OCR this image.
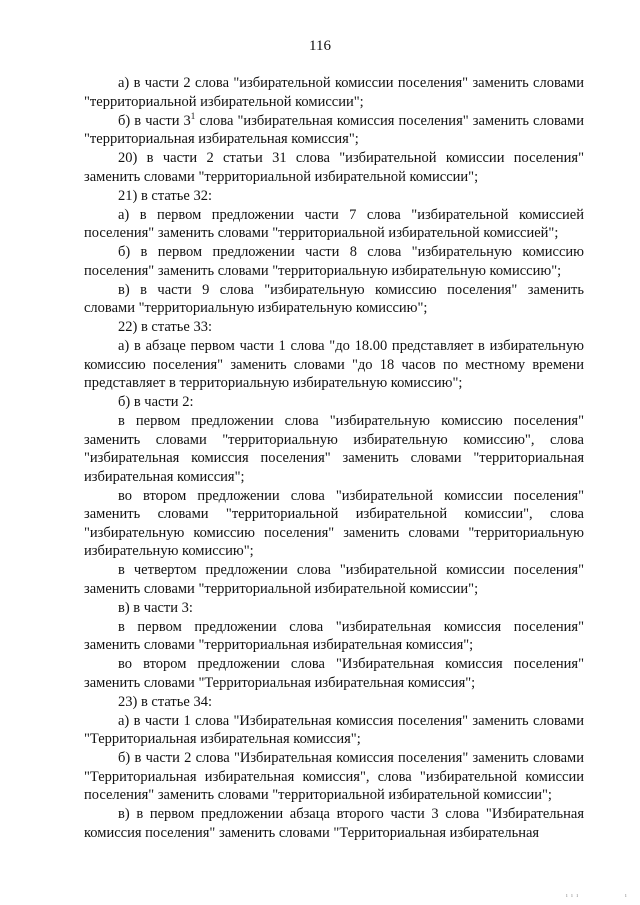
116

а) в части 2 слова "избирательной комиссии поселения" заменить словами "территориальной избирательной комиссии";

б) в части $3^1$ слова "избирательная комиссия поселения" заменить словами "территориальная избирательная комиссия";

20) в части 2 статьи 31 слова "избирательной комиссии поселения" заменить словами "территориальной избирательной комиссии";

21) в статье 32:

а) в первом предложении части 7 слова "избирательной комиссией поселения" заменить словами "территориальной избирательной комиссией";

б) в первом предложении части 8 слова "избирательную комиссию поселения" заменить словами "территориальную избирательную комиссию";

в) в части 9 слова "избирательную комиссию поселения" заменить словами "территориальную избирательную комиссию";

22) в статье 33:

а) в абзаце первом части 1 слова "до 18.00 представляет в избирательную комиссию поселения" заменить словами "до 18 часов по местному времени представляет в территориальную избирательную комиссию";

б) в части 2:

в первом предложении слова "избирательную комиссию поселения" заменить словами "территориальную избирательную комиссию", слова "избирательная комиссия поселения" заменить словами "территориальная избирательная комиссия";

во втором предложении слова "избирательной комиссии поселения" заменить словами "территориальной избирательной комиссии", слова "избирательную комиссию поселения" заменить словами "территориальную избирательную комиссию";

в четвертом предложении слова "избирательной комиссии поселения" заменить словами "территориальной избирательной комиссии";

в) в части 3:

в первом предложении слова "избирательная комиссия поселения" заменить словами "территориальная избирательная комиссия";

во втором предложении слова "Избирательная комиссия поселения" заменить словами "Территориальная избирательная комиссия";

23) в статье 34:

а) в части 1 слова "Избирательная комиссия поселения" заменить словами "Территориальная избирательная комиссия";

б) в части 2 слова "Избирательная комиссия поселения" заменить словами "Территориальная избирательная комиссия", слова "избирательной комиссии поселения" заменить словами "территориальной избирательной комиссии";

в) в первом предложении абзаца второго части 3 слова "Избирательная комиссия поселения" заменить словами "Территориальная избирательная

ı ı ı	ı
